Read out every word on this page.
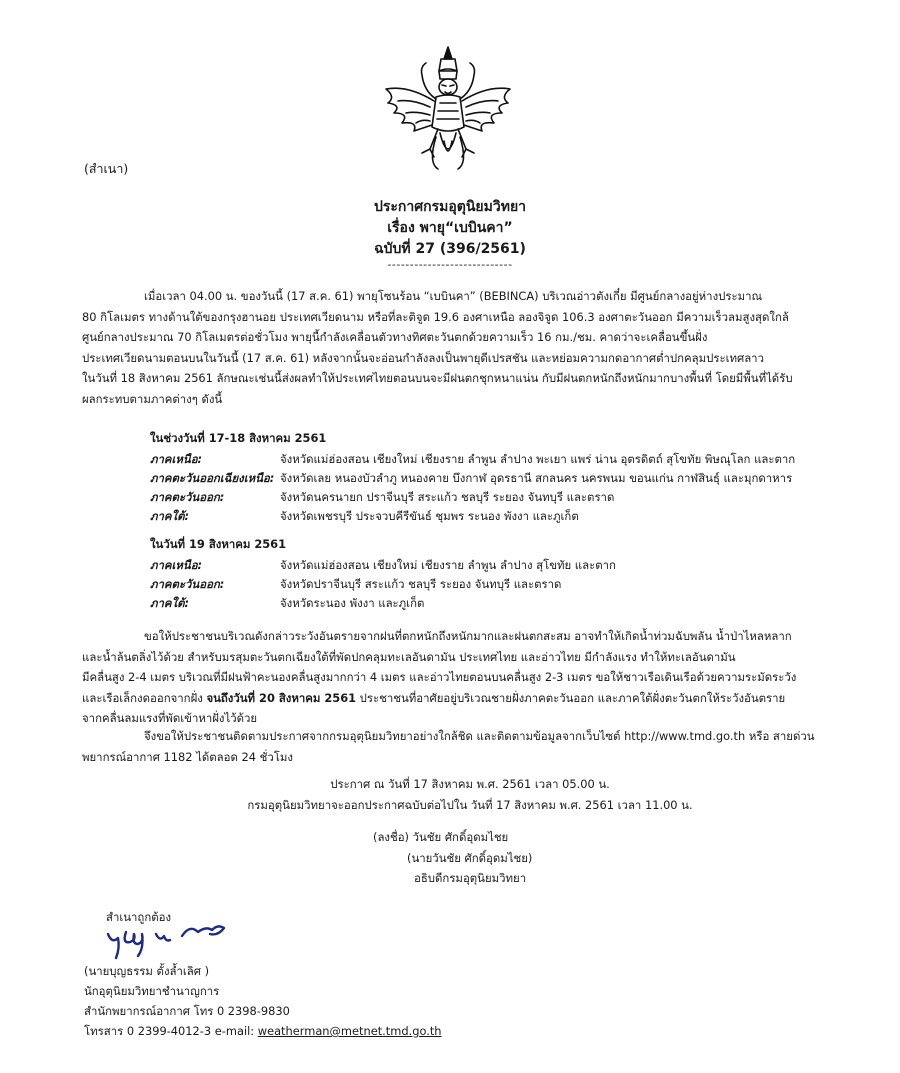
(สำเนา)
ประกาศกรมอุตุนิยมวิทยา
เรื่อง พายุ“เบบินคา”
ฉบับที่ 27 (396/2561)
----------------------------
เมื่อเวลา 04.00 น. ของวันนี้ (17 ส.ค. 61) พายุโซนร้อน “เบบินคา” (BEBINCA) บริเวณอ่าวตังเกี๋ย มีศูนย์กลางอยู่ห่างประมาณ
80 กิโลเมตร ทางด้านใต้ของกรุงฮานอย ประเทศเวียดนาม หรือที่ละติจูด 19.6 องศาเหนือ ลองจิจูด 106.3 องศาตะวันออก มีความเร็วลมสูงสุดใกล้
ศูนย์กลางประมาณ 70 กิโลเมตรต่อชั่วโมง พายุนี้กำลังเคลื่อนตัวทางทิศตะวันตกด้วยความเร็ว 16 กม./ชม. คาดว่าจะเคลื่อนขึ้นฝั่ง
ประเทศเวียดนามตอนบนในวันนี้ (17 ส.ค. 61) หลังจากนั้นจะอ่อนกำลังลงเป็นพายุดีเปรสชัน และหย่อมความกดอากาศต่ำปกคลุมประเทศลาว
ในวันที่ 18 สิงหาคม 2561 ลักษณะเช่นนี้ส่งผลทำให้ประเทศไทยตอนบนจะมีฝนตกชุกหนาแน่น กับมีฝนตกหนักถึงหนักมากบางพื้นที่ โดยมีพื้นที่ได้รับ
ผลกระทบตามภาคต่างๆ ดังนี้
ในช่วงวันที่ 17-18 สิงหาคม 2561
ภาคเหนือ:	จังหวัดแม่ฮ่องสอน เชียงใหม่ เชียงราย ลำพูน ลำปาง พะเยา แพร่ น่าน อุตรดิตถ์ สุโขทัย พิษณุโลก และตาก
ภาคตะวันออกเฉียงเหนือ: จังหวัดเลย หนองบัวลำภู หนองคาย บึงกาฬ อุดรธานี สกลนคร นครพนม ขอนแก่น กาฬสินธุ์ และมุกดาหาร
ภาคตะวันออก:	จังหวัดนครนายก ปราจีนบุรี สระแก้ว ชลบุรี ระยอง จันทบุรี และตราด
ภาคใต้:	จังหวัดเพชรบุรี ประจวบคีรีขันธ์ ชุมพร ระนอง พังงา และภูเก็ต
ในวันที่ 19 สิงหาคม 2561
ภาคเหนือ:	จังหวัดแม่ฮ่องสอน เชียงใหม่ เชียงราย ลำพูน ลำปาง สุโขทัย และตาก
ภาคตะวันออก:	จังหวัดปราจีนบุรี สระแก้ว ชลบุรี ระยอง จันทบุรี และตราด
ภาคใต้:	จังหวัดระนอง พังงา และภูเก็ต
ขอให้ประชาชนบริเวณดังกล่าวระวังอันตรายจากฝนที่ตกหนักถึงหนักมากและฝนตกสะสม อาจทำให้เกิดน้ำท่วมฉับพลัน น้ำป่าไหลหลาก
และน้ำล้นตลิ่งไว้ด้วย สำหรับมรสุมตะวันตกเฉียงใต้ที่พัดปกคลุมทะเลอันดามัน ประเทศไทย และอ่าวไทย มีกำลังแรง ทำให้ทะเลอันดามัน
มีคลื่นสูง 2-4 เมตร บริเวณที่มีฝนฟ้าคะนองคลื่นสูงมากกว่า 4 เมตร และอ่าวไทยตอนบนคลื่นสูง 2-3 เมตร ขอให้ชาวเรือเดินเรือด้วยความระมัดระวัง
และเรือเล็กงดออกจากฝั่ง จนถึงวันที่ 20 สิงหาคม 2561 ประชาชนที่อาศัยอยู่บริเวณชายฝั่งภาคตะวันออก และภาคใต้ฝั่งตะวันตกให้ระวังอันตราย
จากคลื่นลมแรงที่พัดเข้าหาฝั่งไว้ด้วย
จึงขอให้ประชาชนติดตามประกาศจากกรมอุตุนิยมวิทยาอย่างใกล้ชิด และติดตามข้อมูลจากเว็บไซต์ http://www.tmd.go.th หรือ สายด่วน
พยากรณ์อากาศ 1182 ได้ตลอด 24 ชั่วโมง
ประกาศ ณ วันที่ 17 สิงหาคม พ.ศ. 2561 เวลา 05.00 น.
กรมอุตุนิยมวิทยาจะออกประกาศฉบับต่อไปใน วันที่ 17 สิงหาคม พ.ศ. 2561 เวลา 11.00 น.
(ลงชื่อ) วันชัย ศักดิ์อุดมไชย
(นายวันชัย ศักดิ์อุดมไชย)
อธิบดีกรมอุตุนิยมวิทยา
สำเนาถูกต้อง
(นายบุญธรรม ตั้งล้ำเลิศ )
นักอุตุนิยมวิทยาชำนาญการ
สำนักพยากรณ์อากาศ โทร 0 2398-9830
โทรสาร 0 2399-4012-3 e-mail: weatherman@metnet.tmd.go.th
